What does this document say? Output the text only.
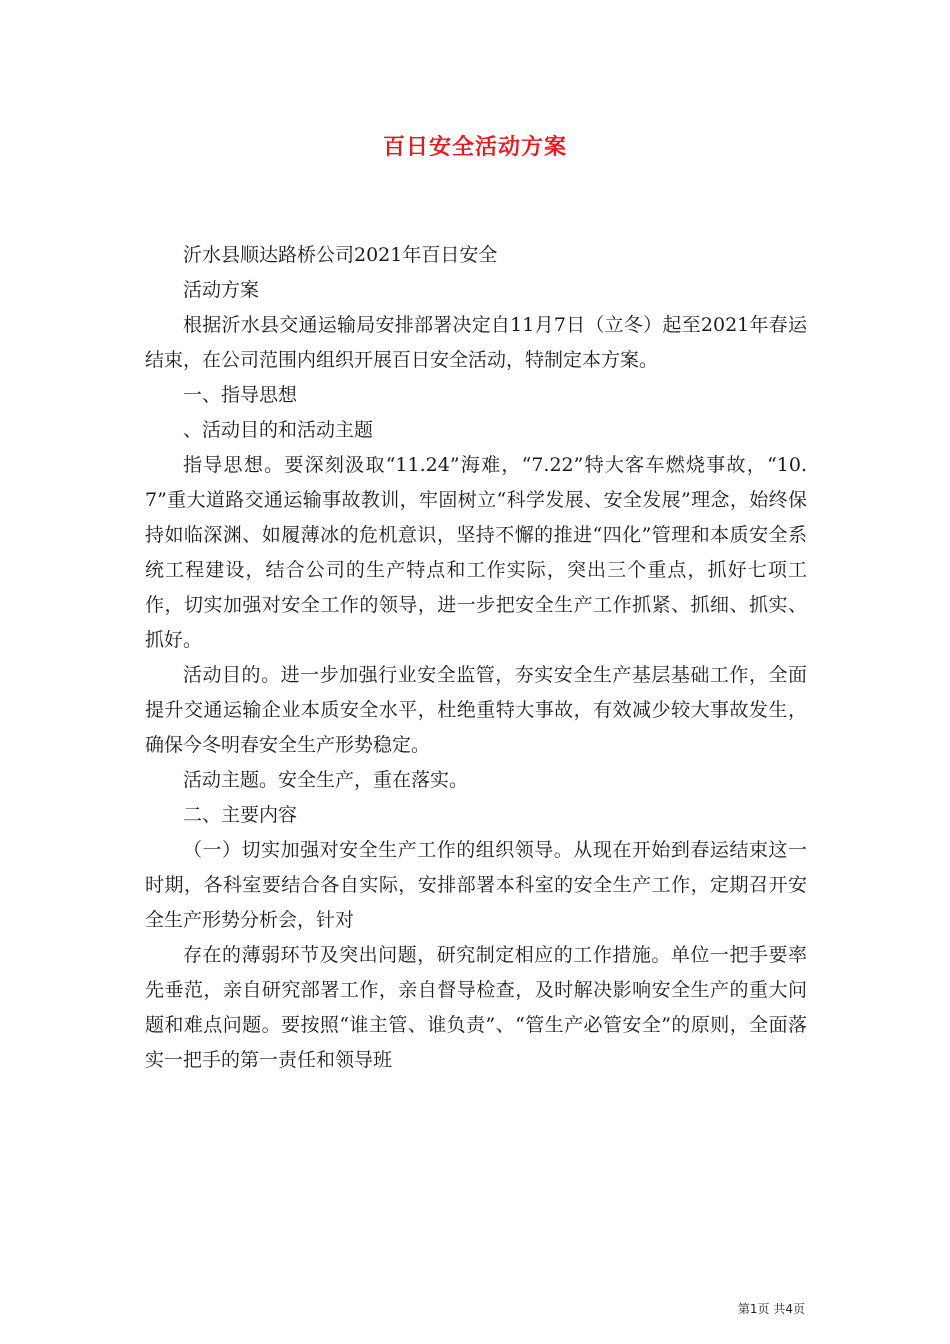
百日安全活动方案

沂水县顺达路桥公司2021年百日安全

活动方案

根据沂水县交通运输局安排部署决定自11月7日（立冬）起至2021年春运结束，在公司范围内组织开展百日安全活动，特制定本方案。

一、指导思想

、活动目的和活动主题

指导思想。要深刻汲取“11.24”海难，“7.22”特大客车燃烧事故，“10.7”重大道路交通运输事故教训，牢固树立“科学发展、安全发展”理念，始终保持如临深渊、如履薄冰的危机意识，坚持不懈的推进“四化”管理和本质安全系统工程建设，结合公司的生产特点和工作实际，突出三个重点，抓好七项工作，切实加强对安全工作的领导，进一步把安全生产工作抓紧、抓细、抓实、抓好。

活动目的。进一步加强行业安全监管，夯实安全生产基层基础工作，全面提升交通运输企业本质安全水平，杜绝重特大事故，有效减少较大事故发生，确保今冬明春安全生产形势稳定。

活动主题。安全生产，重在落实。

二、主要内容

（一）切实加强对安全生产工作的组织领导。从现在开始到春运结束这一时期，各科室要结合各自实际，安排部署本科室的安全生产工作，定期召开安全生产形势分析会，针对

存在的薄弱环节及突出问题，研究制定相应的工作措施。单位一把手要率先垂范，亲自研究部署工作，亲自督导检查，及时解决影响安全生产的重大问题和难点问题。要按照“谁主管、谁负责”、“管生产必管安全”的原则，全面落实一把手的第一责任和领导班

第1页 共4页
